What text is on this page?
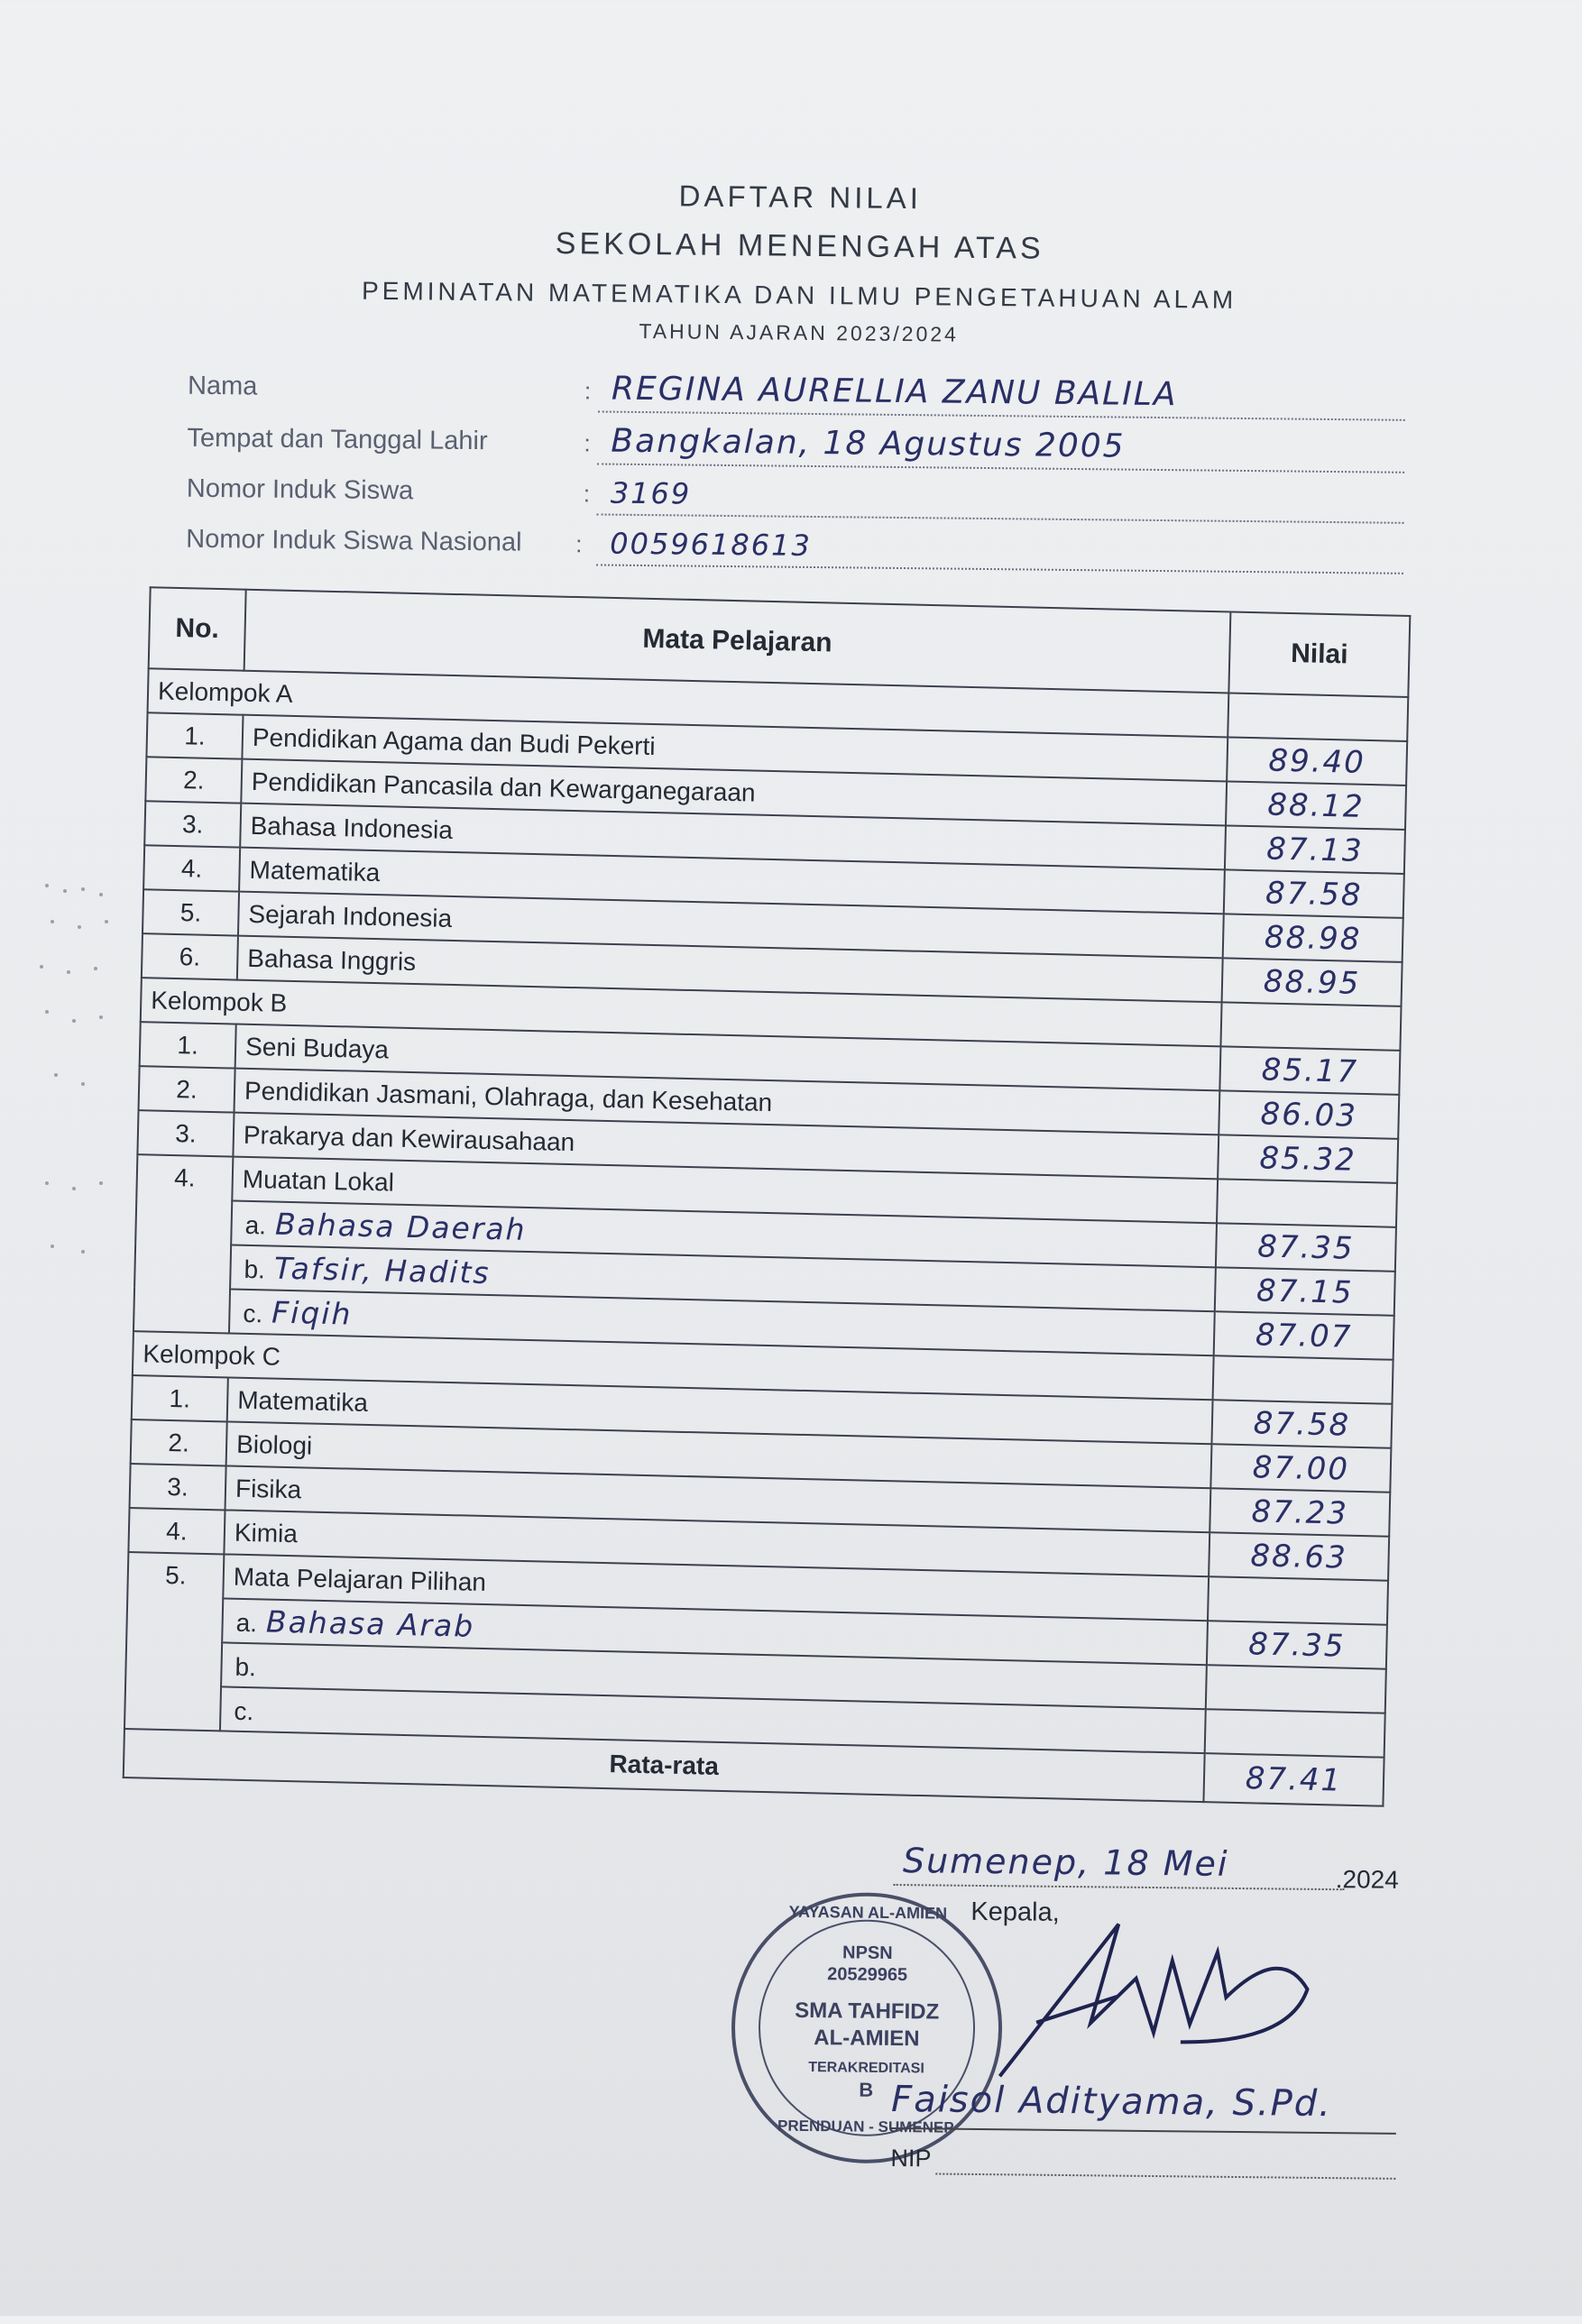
DAFTAR NILAI
SEKOLAH MENENGAH ATAS
PEMINATAN MATEMATIKA DAN ILMU PENGETAHUAN ALAM
TAHUN AJARAN 2023/2024
Nama	: REGINA AURELLIA ZANU BALILA
Tempat dan Tanggal Lahir	: Bangkalan, 18 Agustus 2005
Nomor Induk Siswa	: 3169
Nomor Induk Siswa Nasional : 0059618613
No.	Mata Pelajaran	Nilai
Kelompok A		
1.	Pendidikan Agama dan Budi Pekerti	89.40
2.	Pendidikan Pancasila dan Kewarganegaraan	88.12
3.	Bahasa Indonesia	87.13
4.	Matematika	87.58
5.	Sejarah Indonesia	88.98
6.	Bahasa Inggris	88.95
Kelompok B		
1.	Seni Budaya	85.17
2.	Pendidikan Jasmani, Olahraga, dan Kesehatan	86.03
3.	Prakarya dan Kewirausahaan	85.32
4.	Muatan Lokal	
	a. Bahasa Daerah	87.35
	b. Tafsir, Hadits	87.15
	c. Fiqih	87.07
Kelompok C		
1.	Matematika	87.58
2.	Biologi	87.00
3.	Fisika	87.23
4.	Kimia	88.63
5.	Mata Pelajaran Pilihan	
	a. Bahasa Arab	87.35
	b.	
	c.	
Rata-rata		87.41
Sumenep, 18 Mei	.2024
Kepala,
YAYASAN AL-AMIEN
NPSN
20529965
SMA TAHFIDZ
AL-AMIEN
TERAKREDITASI
B
PRENDUAN - SUMENEP
Faisol Adityama, S.Pd.
NIP
